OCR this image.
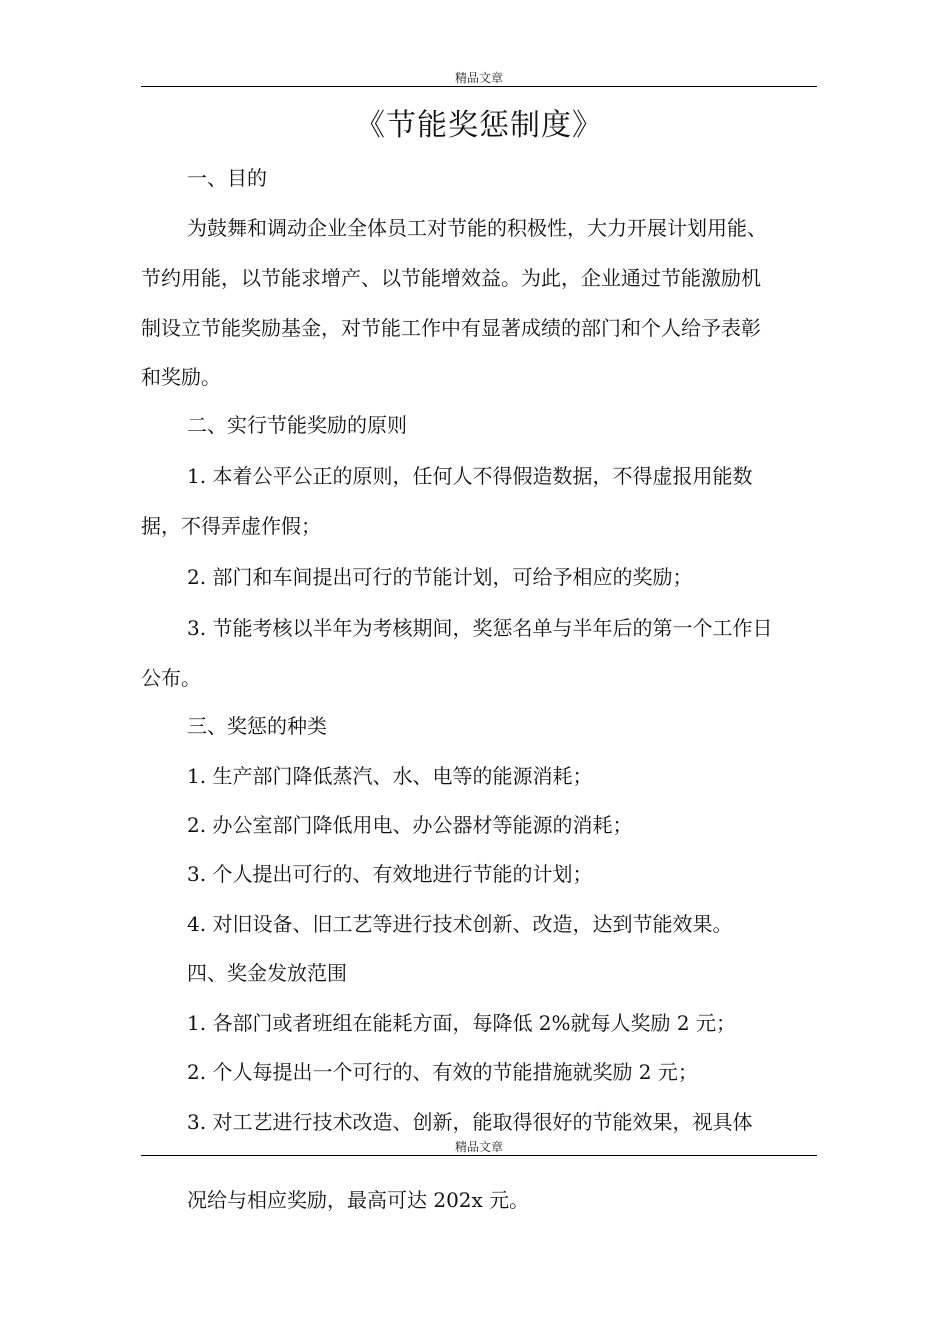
精品文章
《节能奖惩制度》
一、目的
为鼓舞和调动企业全体员工对节能的积极性，大力开展计划用能、
节约用能，以节能求增产、以节能增效益。为此，企业通过节能激励机
制设立节能奖励基金，对节能工作中有显著成绩的部门和个人给予表彰
和奖励。
二、实行节能奖励的原则
1. 本着公平公正的原则，任何人不得假造数据，不得虚报用能数
据，不得弄虚作假；
2. 部门和车间提出可行的节能计划，可给予相应的奖励；
3. 节能考核以半年为考核期间，奖惩名单与半年后的第一个工作日
公布。
三、奖惩的种类
1. 生产部门降低蒸汽、水、电等的能源消耗；
2. 办公室部门降低用电、办公器材等能源的消耗；
3. 个人提出可行的、有效地进行节能的计划；
4. 对旧设备、旧工艺等进行技术创新、改造，达到节能效果。
四、奖金发放范围
1. 各部门或者班组在能耗方面，每降低 2%就每人奖励 2 元；
2. 个人每提出一个可行的、有效的节能措施就奖励 2 元；
3. 对工艺进行技术改造、创新，能取得很好的节能效果，视具体
精品文章
况给与相应奖励，最高可达 202x 元。
